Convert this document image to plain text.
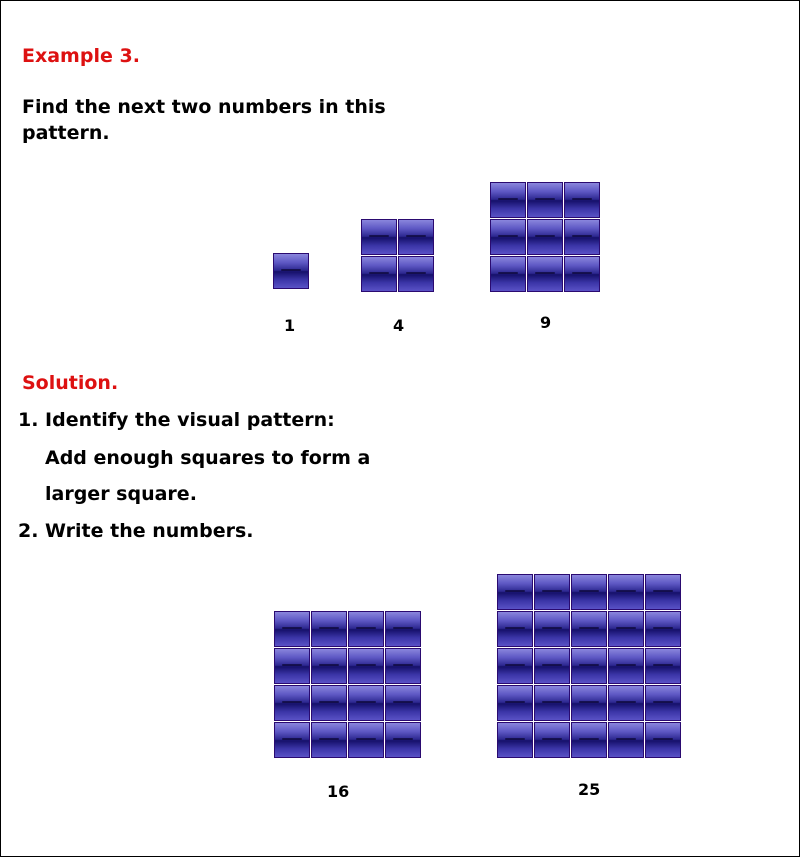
Example 3.
Find the next two numbers in this
pattern.
1	4	9
Solution.
1. Identify the visual pattern:
Add enough squares to form a
larger square.
2. Write the numbers.
16	25
